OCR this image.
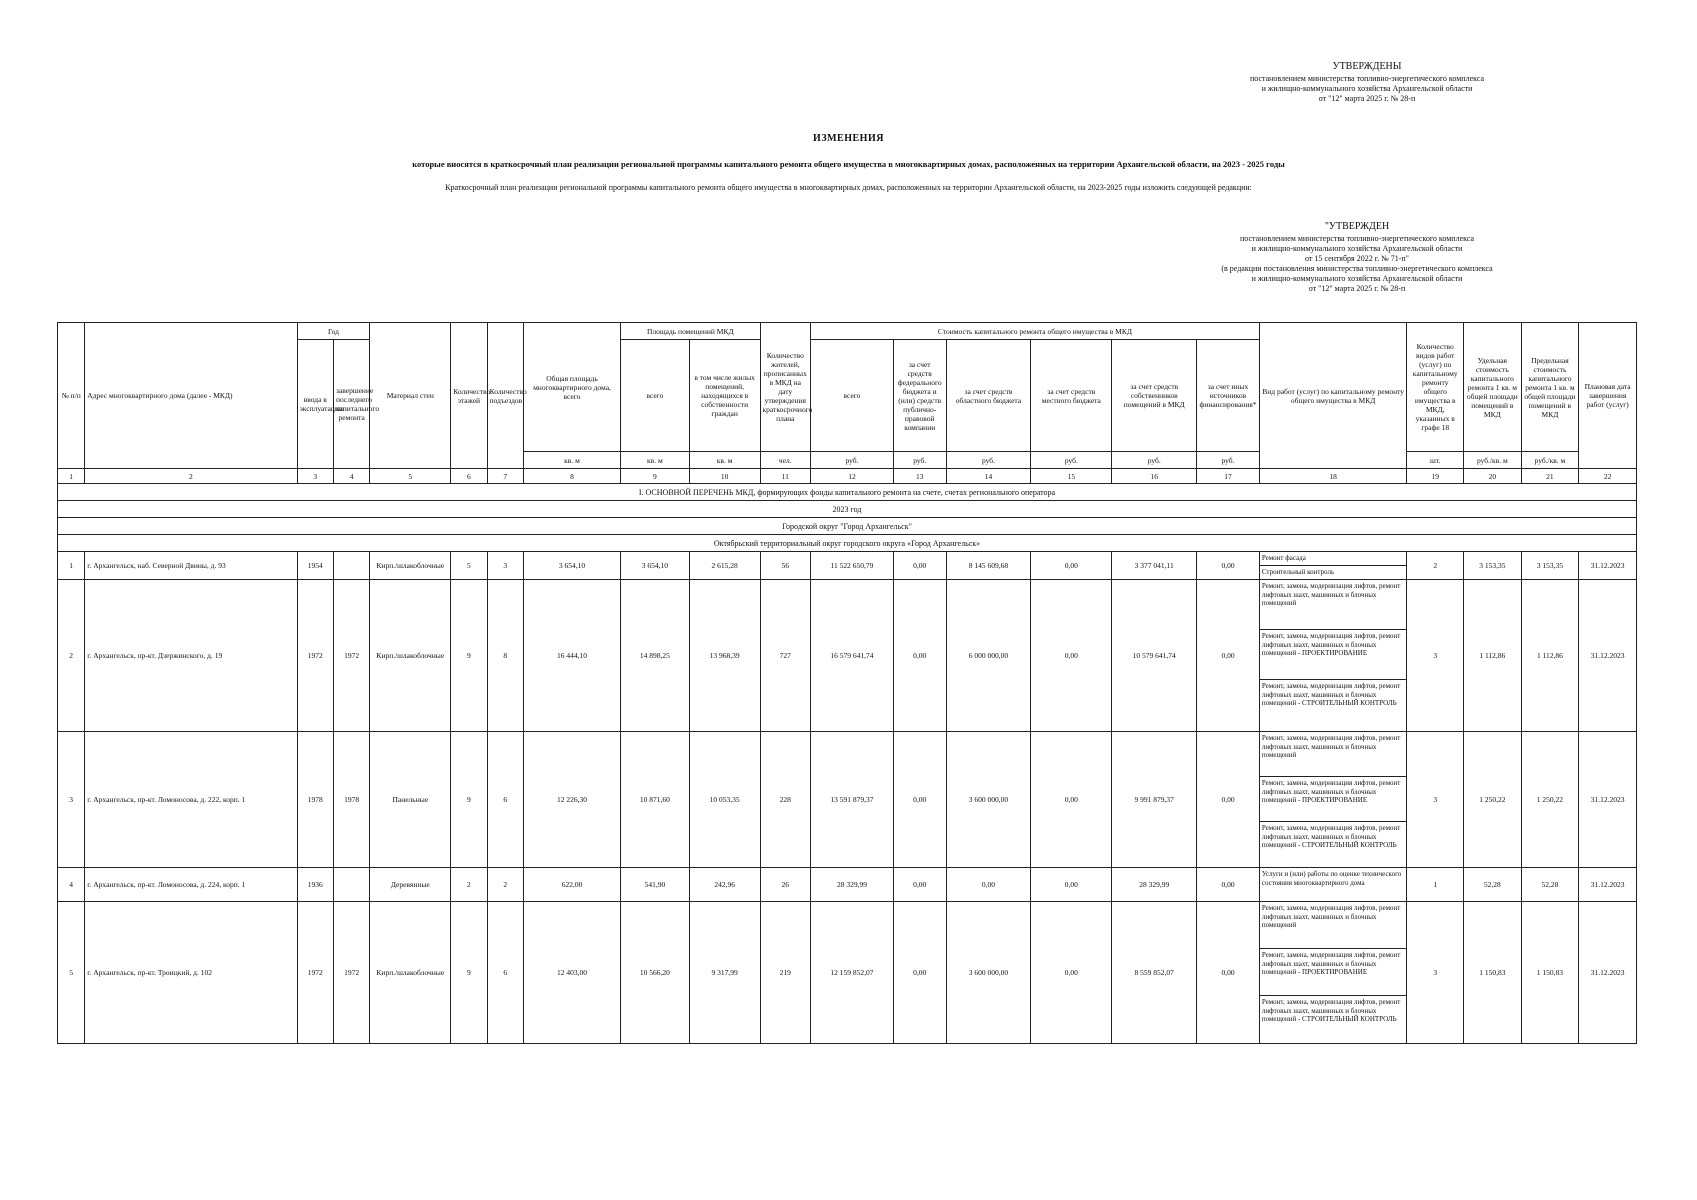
УТВЕРЖДЕНЫ
постановлением министерства топливно-энергетического комплекса
и жилищно-коммунального хозяйства Архангельской области
от "12" марта 2025 г. № 28-п
ИЗМЕНЕНИЯ
которые вносятся в краткосрочный план реализации региональной программы капитального ремонта общего имущества в многоквартирных домах, расположенных на территории Архангельской области, на 2023 - 2025 годы
Краткосрочный план реализации региональной программы капитального ремонта общего имущества в многоквартирных домах, расположенных на территории Архангельской области, на 2023-2025 годы изложить следующей редакции:
"УТВЕРЖДЕН
постановлением министерства топливно-энергетического комплекса
и жилищно-коммунального хозяйства Архангельской области
от 15 сентября 2022 г. № 71-п"
(в редакции постановления министерства топливно-энергетического комплекса
и жилищно-коммунального хозяйства Архангельской области
от "12" марта 2025 г. № 28-п
№ п/п	Адрес многоквартирного дома (далее - МКД)	Год		Материал стен	Количество этажей	Количество подъездов	Общая площадь многоквартирного дома, всего	Площадь помещений МКД		Количество жителей, прописанных в МКД на дату утверждения краткосрочного плана	Стоимость капитального ремонта общего имущества в МКД						Вид работ (услуг) по капитальному ремонту общего имущества в МКД	Количество видов работ (услуг) по капитальному ремонту общего имущества в МКД, указанных в графе 18	Удельная стоимость капитального ремонта 1 кв. м общей площади помещений в МКД	Предельная стоимость капитального ремонта 1 кв. м общей площади помещений в МКД	Плановая дата завершения работ (услуг)
		ввода в эксплуатацию	завершение последнего капитального ремонта					всего	в том числе жилых помещений, находящихся в собственности граждан		всего	за счет средств федерального бюджета и (или) средств публично-правовой компании	за счет средств областного бюджета	за счет средств местного бюджета	за счет средств собственников помещений в МКД	за счет иных источников финансирования*					
							кв. м	кв. м	кв. м	чел.	руб.	руб.	руб.	руб.	руб.	руб.		шт.	руб./кв. м	руб./кв. м	
1	2	3	4	5	6	7	8	9	10	11	12	13	14	15	16	17	18	19	20	21	22
I. ОСНОВНОЙ ПЕРЕЧЕНЬ МКД, формирующих фонды капитального ремонта на счете, счетах регионального оператора																					
2023 год																					
Городской округ "Город Архангельск"																					
Октябрьский территориальный округ городского округа «Город Архангельск»																					
1	г. Архангельск, наб. Северной Двины, д. 93	1954		Кирп./шлакоблочные	5	3	3 654,10	3 654,10	2 615,28	56	11 522 650,79	0,00	8 145 609,68	0,00	3 377 041,11	0,00	Ремонт фасада
Строительный контроль	2	3 153,35	3 153,35	31.12.2023
2	г. Архангельск, пр-кт. Дзержинского, д. 19	1972	1972	Кирп./шлакоблочные	9	8	16 444,10	14 898,25	13 968,39	727	16 579 641,74	0,00	6 000 000,00	0,00	10 579 641,74	0,00	Ремонт, замена, модернизация лифтов, ремонт лифтовых шахт, машинных и блочных помещений
Ремонт, замена, модернизация лифтов, ремонт лифтовых шахт, машинных и блочных помещений - ПРОЕКТИРОВАНИЕ
Ремонт, замена, модернизация лифтов, ремонт лифтовых шахт, машинных и блочных помещений - СТРОИТЕЛЬНЫЙ КОНТРОЛЬ	3	1 112,86	1 112,86	31.12.2023
3	г. Архангельск, пр-кт. Ломоносова, д. 222, корп. 1	1978	1978	Панельные	9	6	12 226,30	10 871,60	10 053,35	228	13 591 879,37	0,00	3 600 000,00	0,00	9 991 879,37	0,00	Ремонт, замена, модернизация лифтов, ремонт лифтовых шахт, машинных и блочных помещений
Ремонт, замена, модернизация лифтов, ремонт лифтовых шахт, машинных и блочных помещений - ПРОЕКТИРОВАНИЕ
Ремонт, замена, модернизация лифтов, ремонт лифтовых шахт, машинных и блочных помещений - СТРОИТЕЛЬНЫЙ КОНТРОЛЬ	3	1 250,22	1 250,22	31.12.2023
4	г. Архангельск, пр-кт. Ломоносова, д. 224, корп. 1	1936		Деревянные	2	2	622,00	541,90	242,96	26	28 329,99	0,00	0,00	0,00	28 329,99	0,00	Услуги и (или) работы по оценке технического состояния многоквартирного дома	1	52,28	52,28	31.12.2023
5	г. Архангельск, пр-кт. Троицкий, д. 102	1972	1972	Кирп./шлакоблочные	9	6	12 403,00	10 566,20	9 317,99	219	12 159 852,07	0,00	3 600 000,00	0,00	8 559 852,07	0,00	Ремонт, замена, модернизация лифтов, ремонт лифтовых шахт, машинных и блочных помещений
Ремонт, замена, модернизация лифтов, ремонт лифтовых шахт, машинных и блочных помещений - ПРОЕКТИРОВАНИЕ
Ремонт, замена, модернизация лифтов, ремонт лифтовых шахт, машинных и блочных помещений - СТРОИТЕЛЬНЫЙ КОНТРОЛЬ	3	1 150,83	1 150,83	31.12.2023
